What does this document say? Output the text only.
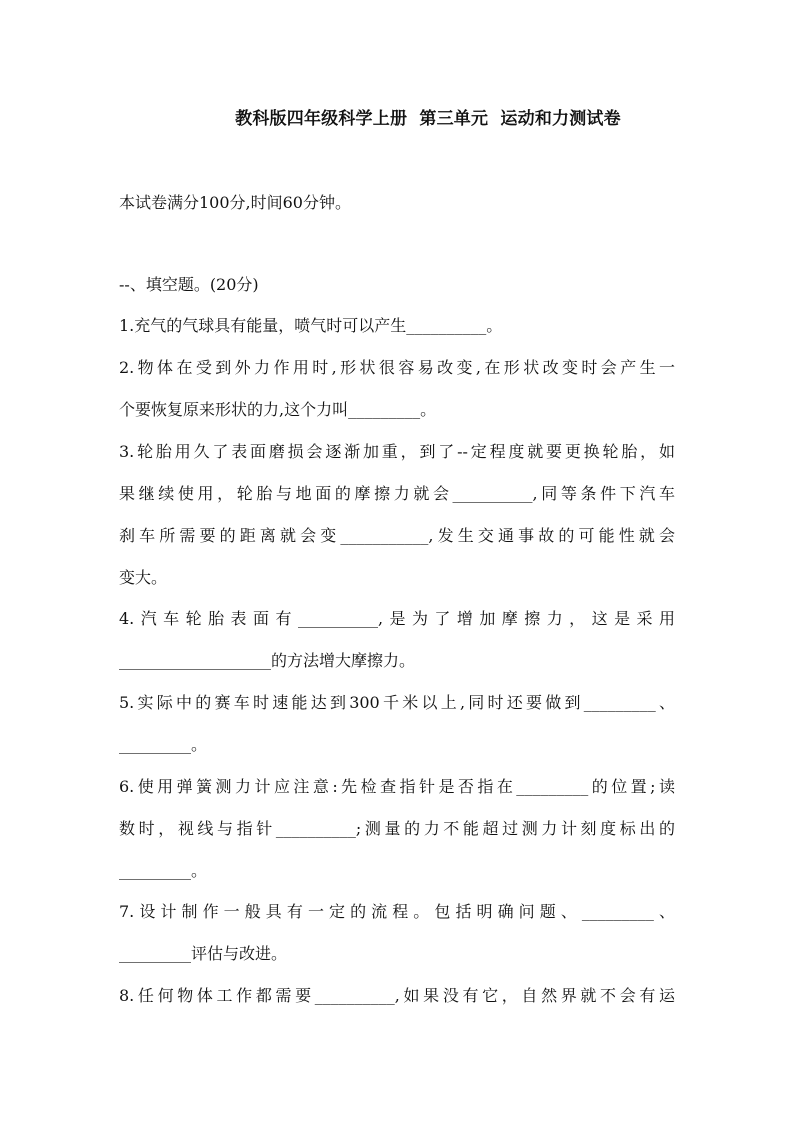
教科版四年级科学上册  第三单元  运动和力测试卷
本试卷满分100分,时间60分钟。
--、填空题。(20分)
1.充气的气球具有能量，喷气时可以产生__________。
2.物体在受到外力作用时,形状很容易改变,在形状改变时会产生一
个要恢复原来形状的力,这个力叫_________。
3.轮胎用久了表面磨损会逐渐加重，到了--定程度就要更换轮胎，如
果继续使用，轮胎与地面的摩擦力就会__________,同等条件下汽车
刹车所需要的距离就会变___________,发生交通事故的可能性就会
变大。
4.汽车轮胎表面有__________,是为了增加摩擦力，这是采用
___________________的方法增大摩擦力。
5.实际中的赛车时速能达到300千米以上,同时还要做到_________、
_________。
6.使用弹簧测力计应注意:先检查指针是否指在_________的位置;读
数时，视线与指针__________;测量的力不能超过测力计刻度标出的
_________。
7.设计制作一般具有一定的流程。包括明确问题、_________、
_________评估与改进。
8.任何物体工作都需要__________,如果没有它，自然界就不会有运
